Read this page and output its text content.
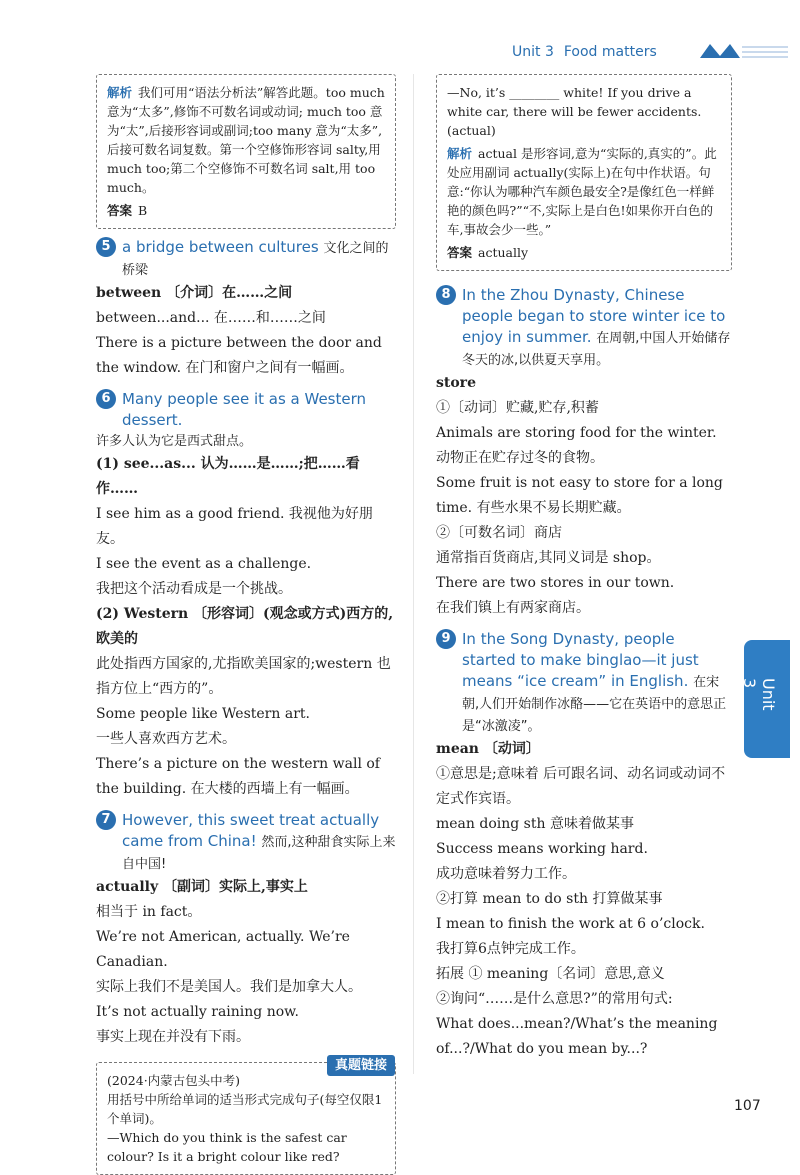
Unit 3 Food matters
解析 我们可用“语法分析法”解答此题。too much 意为“太多”,修饰不可数名词或动词; much too 意为“太”,后接形容词或副词;too many 意为“太多”,后接可数名词复数。第一个空修饰形容词 salty,用 much too;第二个空修饰不可数名词 salt,用 too much。
答案 B
5 a bridge between cultures 文化之间的桥梁

between 〔介词〕在……之间

between...and... 在……和……之间

There is a picture between the door and the window. 在门和窗户之间有一幅画。

6 Many people see it as a Western dessert.
许多人认为它是西式甜点。

(1) see...as... 认为……是……;把……看作……

I see him as a good friend. 我视他为好朋友。

I see the event as a challenge.

我把这个活动看成是一个挑战。

(2) Western 〔形容词〕(观念或方式)西方的,欧美的

此处指西方国家的,尤指欧美国家的;western 也指方位上“西方的”。

Some people like Western art.

一些人喜欢西方艺术。

There’s a picture on the western wall of the building. 在大楼的西墙上有一幅画。

7 However, this sweet treat actually came from China! 然而,这种甜食实际上来自中国!

actually 〔副词〕实际上,事实上

相当于 in fact。

We’re not American, actually. We’re Canadian.

实际上我们不是美国人。我们是加拿大人。

It’s not actually raining now.

事实上现在并没有下雨。

真题链接
(2024·内蒙古包头中考)
用括号中所给单词的适当形式完成句子(每空仅限1个单词)。
—Which do you think is the safest car colour? Is it a bright colour like red?
—No, it’s ________ white! If you drive a white car, there will be fewer accidents. (actual)
解析 actual 是形容词,意为“实际的,真实的”。此处应用副词 actually(实际上)在句中作状语。句意:“你认为哪种汽车颜色最安全?是像红色一样鲜艳的颜色吗?”“不,实际上是白色!如果你开白色的车,事故会少一些。”
答案 actually
8 In the Zhou Dynasty, Chinese people began to store winter ice to enjoy in summer. 在周朝,中国人开始储存冬天的冰,以供夏天享用。

store

①〔动词〕贮藏,贮存,积蓄

Animals are storing food for the winter.

动物正在贮存过冬的食物。

Some fruit is not easy to store for a long time. 有些水果不易长期贮藏。

②〔可数名词〕商店

通常指百货商店,其同义词是 shop。

There are two stores in our town.

在我们镇上有两家商店。

9 In the Song Dynasty, people started to make binglao—it just means “ice cream” in English. 在宋朝,人们开始制作冰酪——它在英语中的意思正是“冰激凌”。

mean 〔动词〕

①意思是;意味着 后可跟名词、动名词或动词不定式作宾语。

mean doing sth 意味着做某事

Success means working hard.

成功意味着努力工作。

②打算 mean to do sth 打算做某事

I mean to finish the work at 6 o’clock.

我打算6点钟完成工作。

拓展 ① meaning〔名词〕意思,意义

②询问“……是什么意思?”的常用句式:

What does...mean?/What’s the meaning of...?/What do you mean by...?

Unit 3
107
